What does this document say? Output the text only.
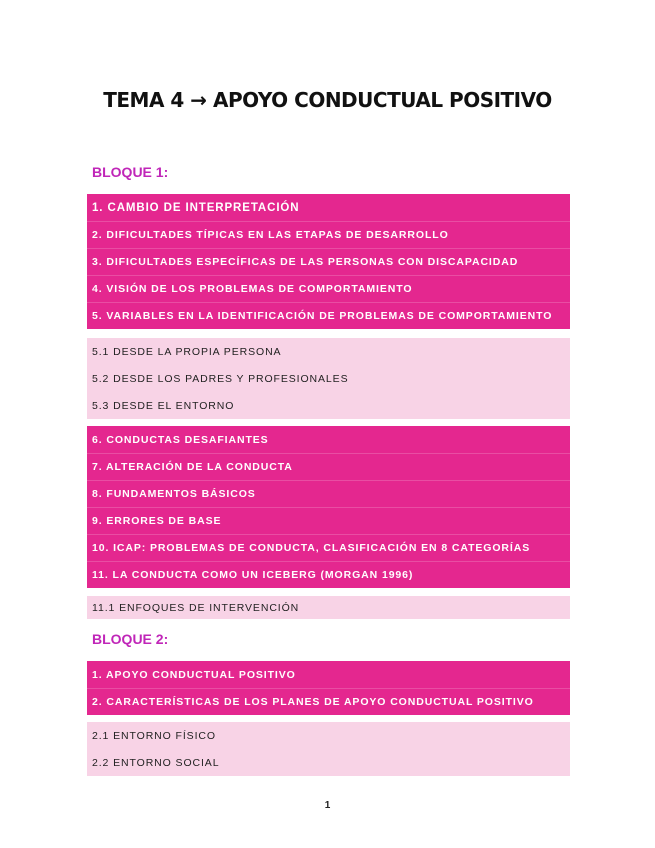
TEMA 4 → APOYO CONDUCTUAL POSITIVO
BLOQUE 1:
1. CAMBIO DE INTERPRETACIÓN
2. DIFICULTADES TÍPICAS EN LAS ETAPAS DE DESARROLLO
3. DIFICULTADES ESPECÍFICAS DE LAS PERSONAS CON DISCAPACIDAD
4. VISIÓN DE LOS PROBLEMAS DE COMPORTAMIENTO
5. VARIABLES EN LA IDENTIFICACIÓN DE PROBLEMAS DE COMPORTAMIENTO
5.1 DESDE LA PROPIA PERSONA
5.2 DESDE LOS PADRES Y PROFESIONALES
5.3 DESDE EL ENTORNO
6. CONDUCTAS DESAFIANTES
7. ALTERACIÓN DE LA CONDUCTA
8. FUNDAMENTOS BÁSICOS
9. ERRORES DE BASE
10. ICAP: PROBLEMAS DE CONDUCTA, CLASIFICACIÓN EN 8 CATEGORÍAS
11. LA CONDUCTA COMO UN ICEBERG (MORGAN 1996)
11.1 ENFOQUES DE INTERVENCIÓN
BLOQUE 2:
1. APOYO CONDUCTUAL POSITIVO
2. CARACTERÍSTICAS DE LOS PLANES DE APOYO CONDUCTUAL POSITIVO
2.1 ENTORNO FÍSICO
2.2 ENTORNO SOCIAL
1
